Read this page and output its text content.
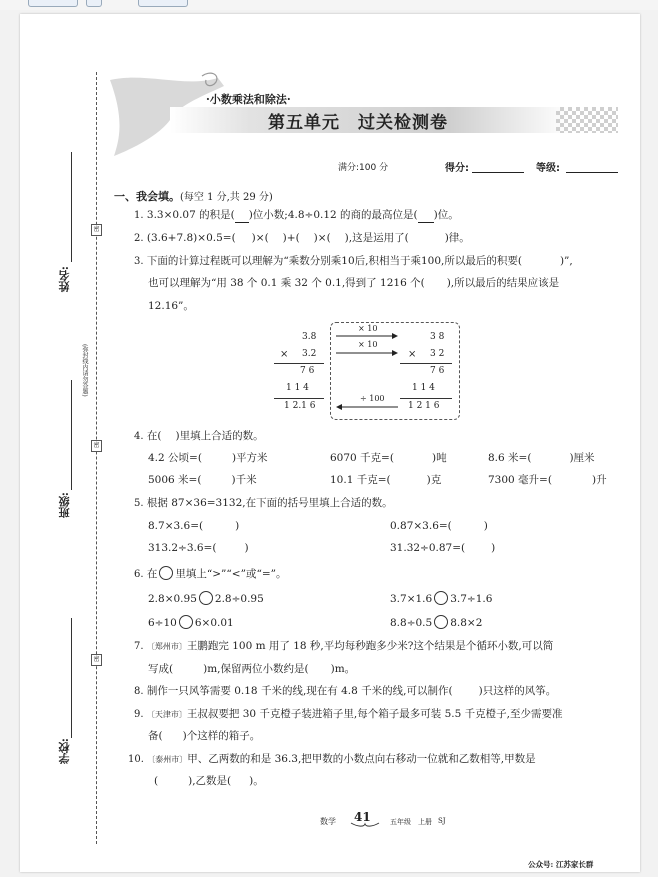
·小数乘法和除法·
第五单元　过关检测卷
满分:100 分	得分:	等级:
姓名:
班级:
学校:
(弥封线内请勿答题)
密
密
密
一、我会填。(每空 1 分,共 29 分)
1. 3.3×0.07 的积是( )位小数;4.8÷0.12 的商的最高位是( )位。
2. (3.6+7.8)×0.5=( )×( )+( )×( ),这是运用了(	)律。
3. 下面的计算过程既可以理解为“乘数分别乘10后,积相当于乘100,所以最后的积要(	)”,
也可以理解为“用 38 个 0.1 乘 32 个 0.1,得到了 1216 个( ),所以最后的结果应该是
12.16”。
3.8
× 3.2
7 6
1 1 4
1 2.1 6
× 10
× 10
÷ 100
3 8
× 3 2
7 6
1 1 4
1 2 1 6
4. 在( )里填上合适的数。
4.2 公顷=(	)平方米	6070 千克=(	)吨	8.6 米=(	)厘米
5006 米=(	)千米	10.1 千克=(	)克	7300 毫升=(	)升
5. 根据 87×36=3132,在下面的括号里填上合适的数。
8.7×3.6=(	)	0.87×3.6=(	)
313.2÷3.6=(	)	31.32÷0.87=( )
6. 在 里填上“>”“<”或“=”。
2.8×0.95 2.8÷0.95	3.7×1.6 3.7÷1.6
6÷10 6×0.01	8.8÷0.5 8.8×2
7. 〔郑州市〕王鹏跑完 100 m 用了 18 秒,平均每秒跑多少米?这个结果是个循环小数,可以简
写成(	)m,保留两位小数约是( )m。
8. 制作一只风筝需要 0.18 千米的线,现在有 4.8 千米的线,可以制作( )只这样的风筝。
9. 〔天津市〕王叔叔要把 30 千克橙子装进箱子里,每个箱子最多可装 5.5 千克橙子,至少需要准
备( )个这样的箱子。
10. 〔泰州市〕甲、乙两数的和是 36.3,把甲数的小数点向右移动一位就和乙数相等,甲数是
(	),乙数是( )。
数学 41	五年级 上册 SJ
公众号: 江苏家长群
